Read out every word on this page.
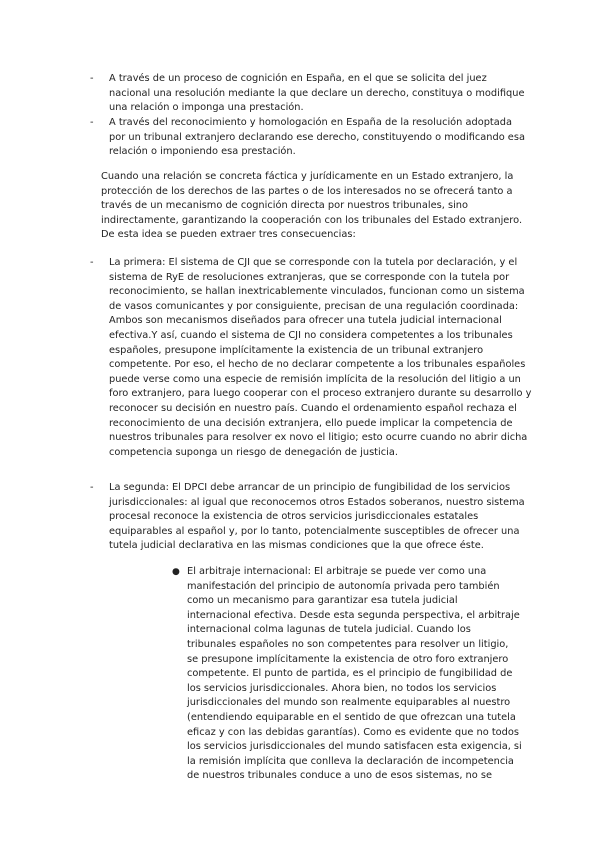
-	A través de un proceso de cognición en España, en el que se solicita del juez nacional una resolución mediante la que declare un derecho, constituya o modifique una relación o imponga una prestación.

-	A través del reconocimiento y homologación en España de la resolución adoptada por un tribunal extranjero declarando ese derecho, constituyendo o modificando esa relación o imponiendo esa prestación.

Cuando una relación se concreta fáctica y jurídicamente en un Estado extranjero, la protección de los derechos de las partes o de los interesados no se ofrecerá tanto a través de un mecanismo de cognición directa por nuestros tribunales, sino indirectamente, garantizando la cooperación con los tribunales del Estado extranjero. De esta idea se pueden extraer tres consecuencias:

-	La primera: El sistema de CJI que se corresponde con la tutela por declaración, y el sistema de RyE de resoluciones extranjeras, que se corresponde con la tutela por reconocimiento, se hallan inextricablemente vinculados, funcionan como un sistema de vasos comunicantes y por consiguiente, precisan de una regulación coordinada: Ambos son mecanismos diseñados para ofrecer una tutela judicial internacional efectiva.Y así, cuando el sistema de CJI no considera competentes a los tribunales españoles, presupone implícitamente la existencia de un tribunal extranjero competente. Por eso, el hecho de no declarar competente a los tribunales españoles puede verse como una especie de remisión implícita de la resolución del litigio a un foro extranjero, para luego cooperar con el proceso extranjero durante su desarrollo y reconocer su decisión en nuestro país. Cuando el ordenamiento español rechaza el reconocimiento de una decisión extranjera, ello puede implicar la competencia de nuestros tribunales para resolver ex novo el litigio; esto ocurre cuando no abrir dicha competencia suponga un riesgo de denegación de justicia.

-	La segunda: El DPCI debe arrancar de un principio de fungibilidad de los servicios jurisdiccionales: al igual que reconocemos otros Estados soberanos, nuestro sistema procesal reconoce la existencia de otros servicios jurisdiccionales estatales equiparables al español y, por lo tanto, potencialmente susceptibles de ofrecer una tutela judicial declarativa en las mismas condiciones que la que ofrece éste.

● El arbitraje internacional: El arbitraje se puede ver como una manifestación del principio de autonomía privada pero también como un mecanismo para garantizar esa tutela judicial internacional efectiva. Desde esta segunda perspectiva, el arbitraje internacional colma lagunas de tutela judicial. Cuando los tribunales españoles no son competentes para resolver un litigio, se presupone implícitamente la existencia de otro foro extranjero competente. El punto de partida, es el principio de fungibilidad de los servicios jurisdiccionales. Ahora bien, no todos los servicios jurisdiccionales del mundo son realmente equiparables al nuestro (entendiendo equiparable en el sentido de que ofrezcan una tutela eficaz y con las debidas garantías). Como es evidente que no todos los servicios jurisdiccionales del mundo satisfacen esta exigencia, si la remisión implícita que conlleva la declaración de incompetencia de nuestros tribunales conduce a uno de esos sistemas, no se
